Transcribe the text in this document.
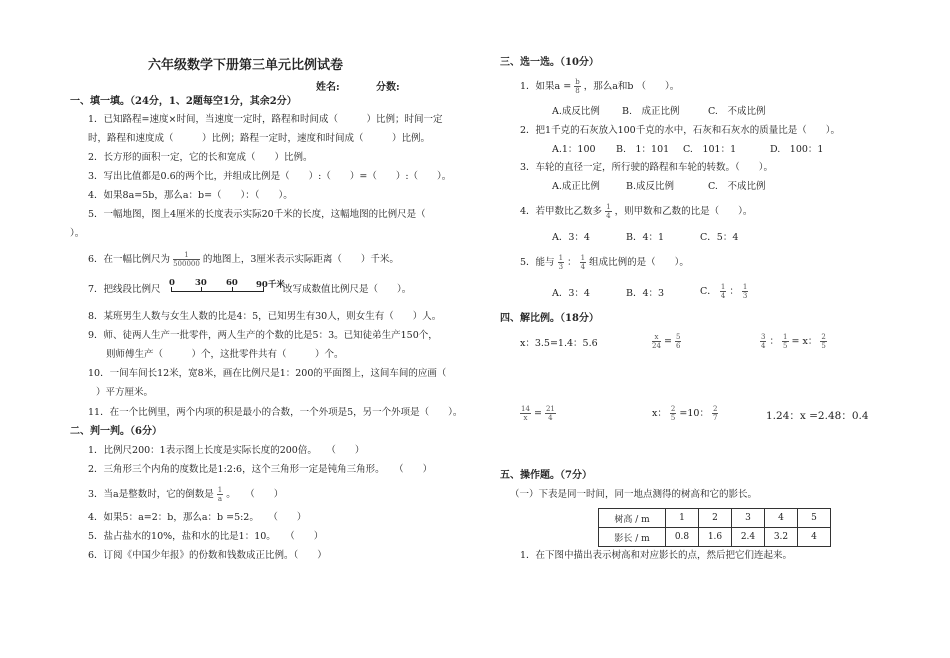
六年级数学下册第三单元比例试卷
姓名:	分数:
一、填一填。（24分，1、2题每空1分，其余2分）
1．已知路程=速度×时间，当速度一定时，路程和时间成（　　　）比例；时间一定
时，路程和速度成（　　　）比例；路程一定时，速度和时间成（　　　）比例。
2．长方形的面积一定，它的长和宽成（　　）比例。
3．写出比值都是0.6的两个比，并组成比例是（　　）:（　　）=（　　）:（　　）。
4．如果8a=5b，那么a：b=（　　）：（　　）。
5．一幅地图，图上4厘米的长度表示实际20千米的长度，这幅地图的比例尺是（
）。
6．在一幅比例尺为 $\frac{1}{500000}$ 的地图上，3厘米表示实际距离（　　）千米。
7．把线段比例尺
0 30 60 90千米
改写成数值比例尺是（　　）。
8．某班男生人数与女生人数的比是4：5，已知男生有30人，则女生有（　　）人。
9．师、徒两人生产一批零件，两人生产的个数的比是5：3。已知徒弟生产150个，
则师傅生产（　　　）个，这批零件共有（　　　）个。
10．一间车间长12米，宽8米，画在比例尺是1：200的平面图上，这间车间的应画（
）平方厘米。
11．在一个比例里，两个内项的积是最小的合数，一个外项是5，另一个外项是（　　）。
二、判一判。（6分）
1．比例尺200：1表示图上长度是实际长度的200倍。　　（　　）
2．三角形三个内角的度数比是1:2:6，这个三角形一定是钝角三角形。　　（　　）
3．当a是整数时，它的倒数是 $\frac{1}{a}$ 。　　（　　）
4．如果5：a=2：b，那么a：b =5:2。　　（　　）
5．盐占盐水的10%，盐和水的比是1：10。　　（　　）
6．订阅《中国少年报》的份数和钱数成正比例。（　　）
三、选一选。（10分）
1．如果$a = \frac{b}{8}$ ，那么a和b （　　）。
A.成反比例 B.　成正比例	C.　不成比例
2．把1千克的石灰放入100千克的水中，石灰和石灰水的质量比是（　　）。
A.1：100 B.　1：101 C.　101：1	D.　100：1
3．车轮的直径一定，所行驶的路程和车轮的转数。（　　）。
A.成正比例	B.成反比例	C.　不成比例
4．若甲数比乙数多 $\frac{1}{4}$ ，则甲数和乙数的比是（　　）。
A．3：4	B．4：1	C．5：4
5．能与 $\frac{1}{3}$ ： $\frac{1}{4}$ 组成比例的是（　　）。
A．3：4	B．4：3	C． $\frac{1}{4}$ ： $\frac{1}{3}$
四、解比例。（18分）
x：3.5=1.4：5.6	$\frac{x}{24} = \frac{5}{6}$	$\frac{3}{4}$ ： $\frac{1}{5} = x$： $\frac{2}{5}$
$\frac{14}{x} = \frac{21}{4}$	x： $\frac{2}{5} =10$： $\frac{2}{7}$	1.24：x =2.48：0.4
五、操作题。（7分）
（一）下表是同一时间，同一地点测得的树高和它的影长。
树高 / m	1	2	3	4	5
影长 / m	0.8	1.6	2.4	3.2	4
1．在下图中描出表示树高和对应影长的点，然后把它们连起来。
